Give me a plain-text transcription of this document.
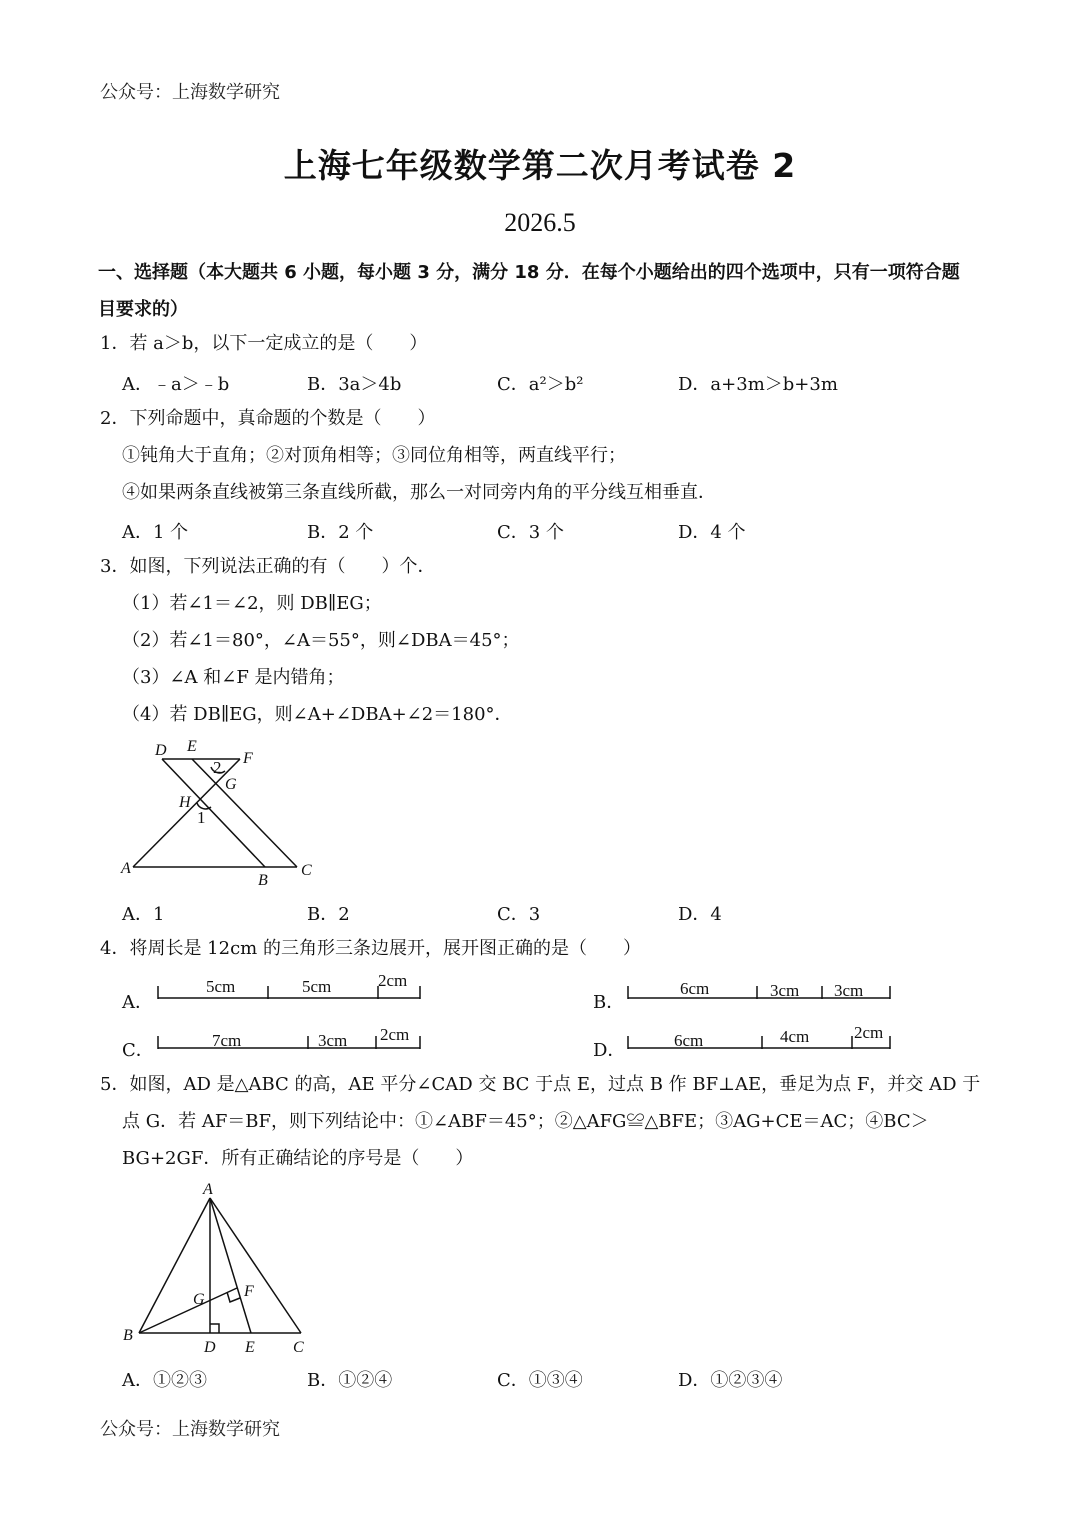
公众号：上海数学研究
上海七年级数学第二次月考试卷 2
2026.5
一、选择题（本大题共 6 小题，每小题 3 分，满分 18 分．在每个小题给出的四个选项中，只有一项符合题
目要求的）
1．若 a＞b，以下一定成立的是（　　）
A．﹣a＞﹣b	B．3a＞4b	C．a²＞b²	D．a+3m＞b+3m
2．下列命题中，真命题的个数是（　　）
①钝角大于直角；②对顶角相等；③同位角相等，两直线平行；
④如果两条直线被第三条直线所截，那么一对同旁内角的平分线互相垂直．
A．1 个	B．2 个	C．3 个	D．4 个
3．如图，下列说法正确的有（　　）个．
（1）若∠1＝∠2，则 DB∥EG；
（2）若∠1＝80°，∠A＝55°，则∠DBA＝45°；
（3）∠A 和∠F 是内错角；
（4）若 DB∥EG，则∠A+∠DBA+∠2＝180°．
D E
F
2
G
H
1
A
B
C
A．1	B．2	C．3	D．4
4．将周长是 12cm 的三角形三条边展开，展开图正确的是（　　）
A．
5cm	5cm	2cm
B．
6cm	3cm 3cm
C．	7cm	3cm 2cm
D．	6cm	4cm	2cm
5．如图，AD 是△ABC 的高，AE 平分∠CAD 交 BC 于点 E，过点 B 作 BF⊥AE，垂足为点 F，并交 AD 于
点 G．若 AF＝BF，则下列结论中：①∠ABF＝45°；②△AFG≌△BFE；③AG+CE＝AC；④BC＞
BG+2GF．所有正确结论的序号是（　　）
A
G F
B
D E C
A．①②③	B．①②④	C．①③④	D．①②③④
公众号：上海数学研究
